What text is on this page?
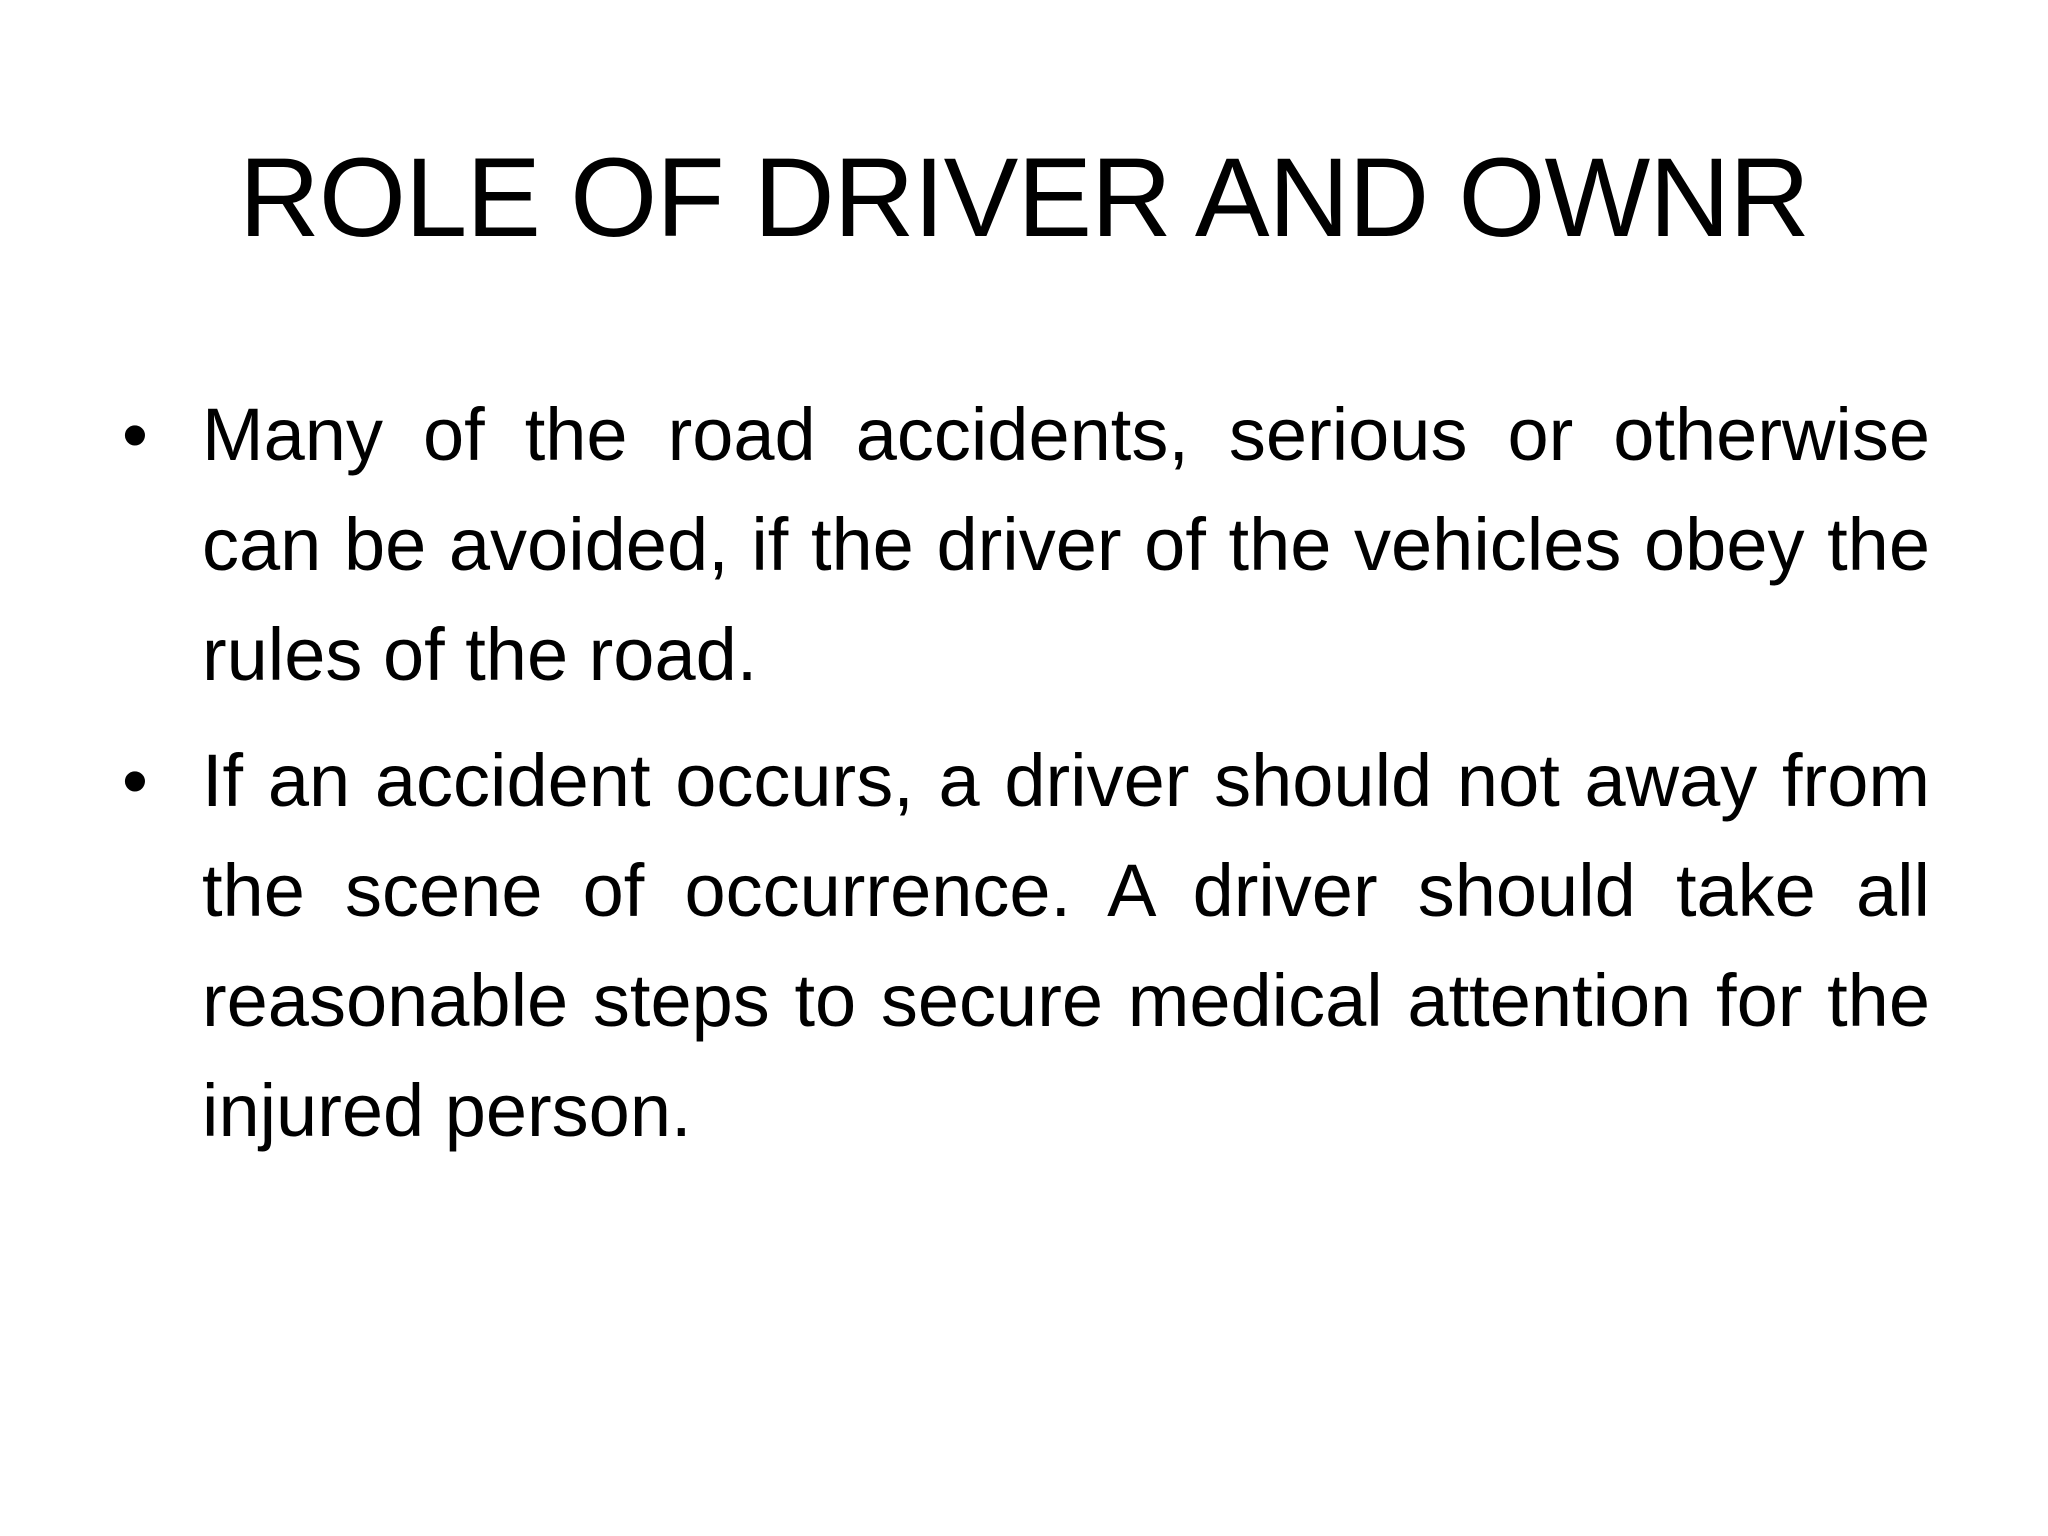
ROLE OF DRIVER AND OWNR
• Many of the road accidents, serious or otherwise can be avoided, if the driver of the vehicles obey the rules of the road.
• If an accident occurs, a driver should not away from the scene of occurrence. A driver should take all reasonable steps to secure medical attention for the injured person.
